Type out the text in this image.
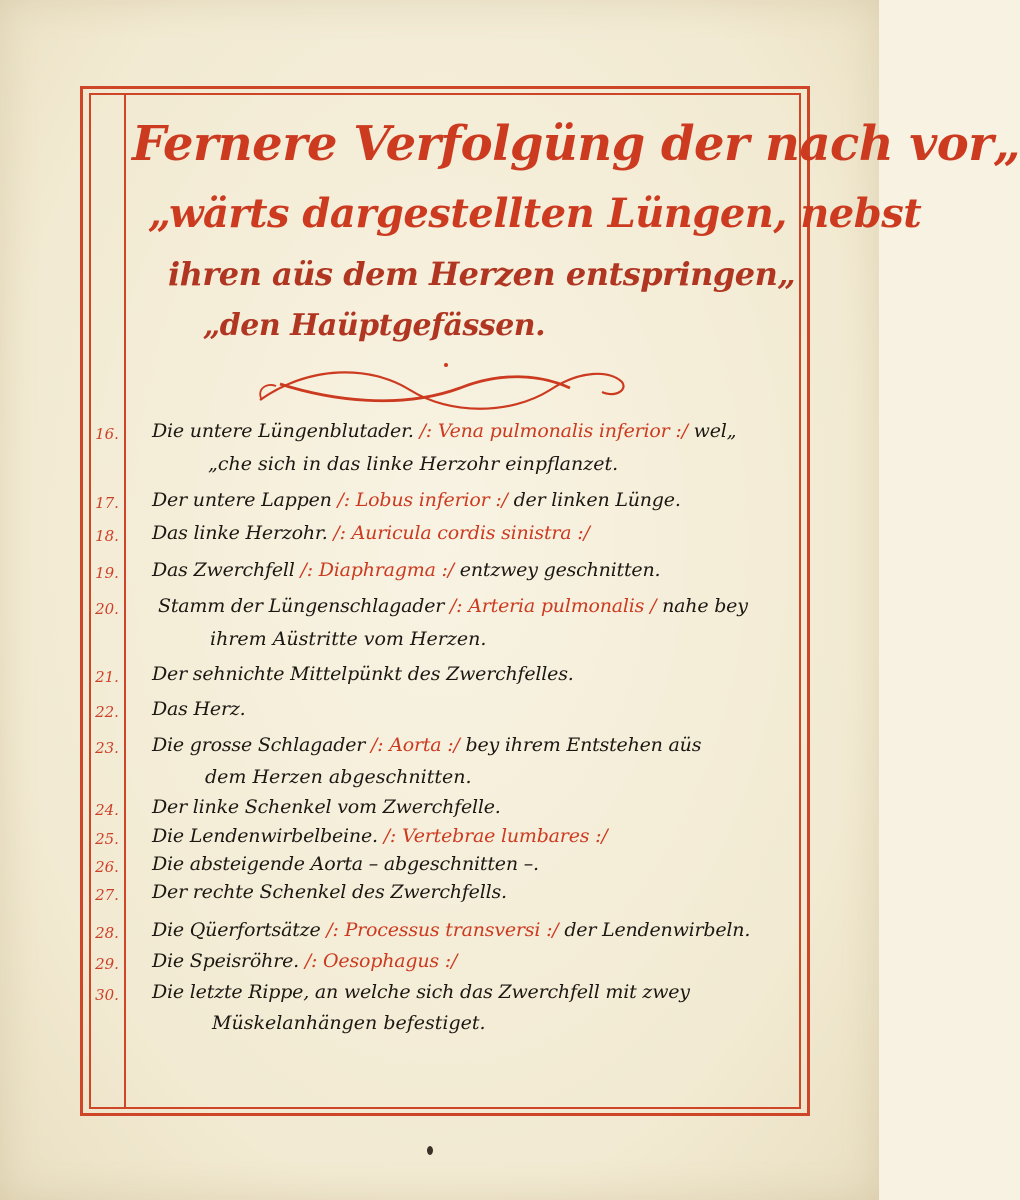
Fernere Verfolgüng der nach vor„
„wärts dargestellten Lüngen, nebst
ihren aüs dem Herzen entspringen„
„den Haüptgefässen.
16. Die untere Lüngenblutader. /: Vena pulmonalis inferior :/ wel„
„che sich in das linke Herzohr einpflanzet.
17. Der untere Lappen /: Lobus inferior :/ der linken Lünge.
18. Das linke Herzohr. /: Auricula cordis sinistra :/
19. Das Zwerchfell /: Diaphragma :/ entzwey geschnitten.
20. Stamm der Lüngenschlagader /: Arteria pulmonalis / nahe bey
ihrem Aüstritte vom Herzen.
21. Der sehnichte Mittelpünkt des Zwerchfelles.
22. Das Herz.
23. Die grosse Schlagader /: Aorta :/ bey ihrem Entstehen aüs
dem Herzen abgeschnitten.
24. Der linke Schenkel vom Zwerchfelle.
25. Die Lendenwirbelbeine. /: Vertebrae lumbares :/
26. Die absteigende Aorta – abgeschnitten –.
27. Der rechte Schenkel des Zwerchfells.
28. Die Qüerfortsätze /: Processus transversi :/ der Lendenwirbeln.
29. Die Speisröhre. /: Oesophagus :/
30. Die letzte Rippe, an welche sich das Zwerchfell mit zwey
Müskelanhängen befestiget.
